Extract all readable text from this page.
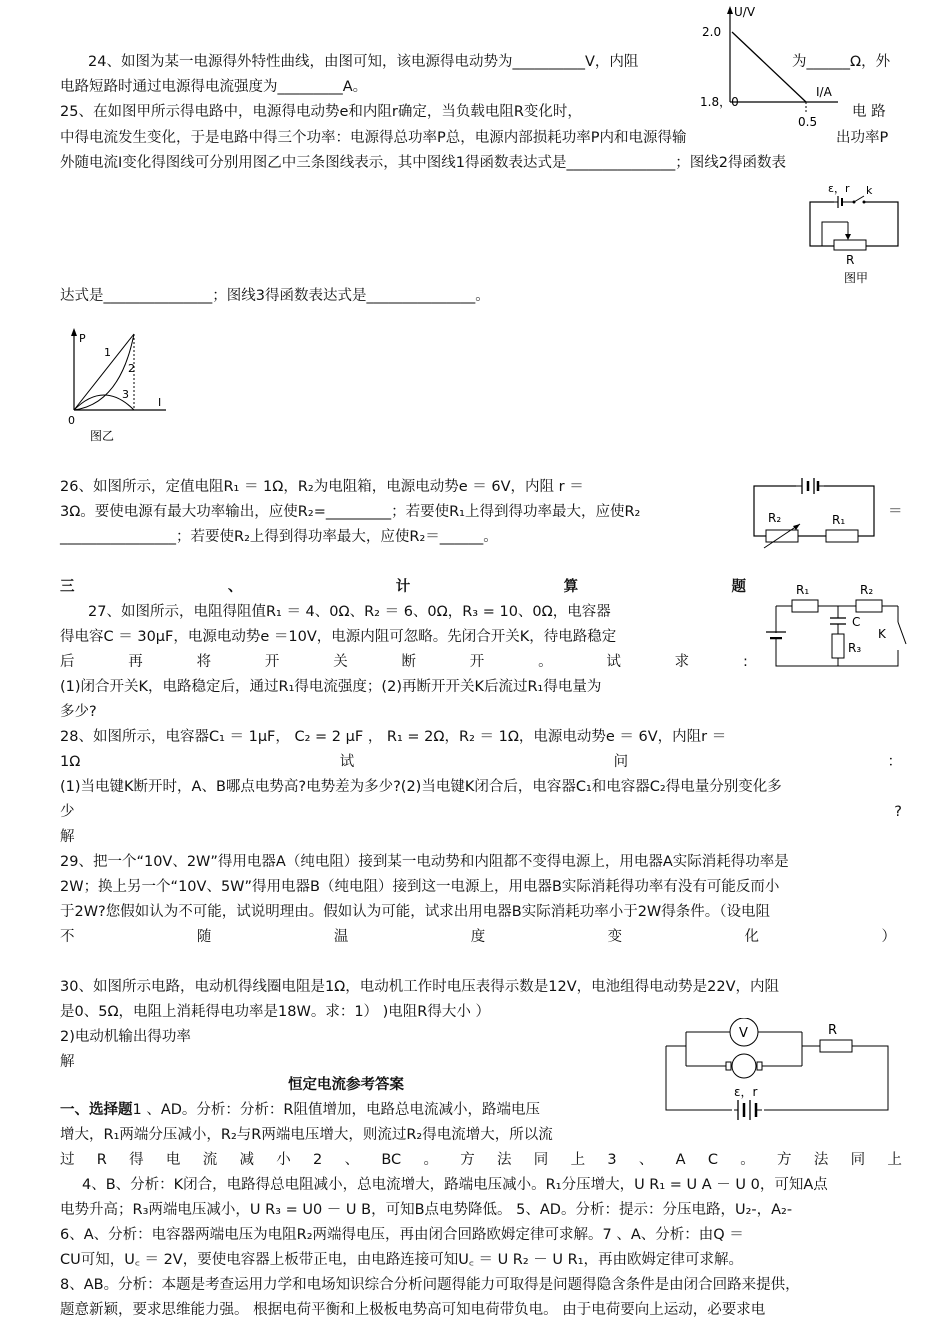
24、如图为某一电源得外特性曲线，由图可知，该电源得电动势为__________V，内阻	为______Ω，外
电路短路时通过电源得电流强度为_________A。
U/V
2.0
1.8，0
I/A
0.5
25、在如图甲所示得电路中，电源得电动势e和内阻r确定，当负载电阻R变化时，	电 路
中得电流发生变化，于是电路中得三个功率：电源得总功率P总，电源内部损耗功率P内和电源得输	出功率P
外随电流I变化得图线可分别用图乙中三条图线表示，其中图线1得函数表达式是_______________；图线2得函数表
达式是_______________；图线3得函数表达式是_______________。
ε，r k
R
图甲
P
I
0
1
2
3
图乙
26、如图所示，定值电阻R₁ ＝ 1Ω，R₂为电阻箱，电源电动势e ＝ 6V，内阻 r ＝
3Ω。要使电源有最大功率输出，应使R₂=_________；若要使R₁上得到得功率最大，应使R₂	＝
________________；若要使R₂上得到得功率最大，应使R₂＝______。
R₂	R₁
三	、	计	算	题
27、如图所示，电阻得阻值R₁ ＝ 4、0Ω、R₂ ＝ 6、0Ω，R₃ = 10、0Ω，电容器
得电容C ＝ 30μF，电源电动势e ＝10V，电源内阻可忽略。先闭合开关K，待电路稳定
后	再	将	开	关	断	开	。	试	求	:
(1)闭合开关K，电路稳定后，通过R₁得电流强度；(2)再断开开关K后流过R₁得电量为
多少?
R₁	R₂
C
R₃
K
28、如图所示，电容器C₁ ＝ 1μF， C₂ = 2 μF ， R₁ = 2Ω，R₂ ＝ 1Ω，电源电动势e ＝ 6V，内阻r ＝
1Ω	试	问	：
(1)当电键K断开时，A、B哪点电势高?电势差为多少?(2)当电键K闭合后，电容器C₁和电容器C₂得电量分别变化多
少	?
解
29、把一个“10V、2W”得用电器A（纯电阻）接到某一电动势和内阻都不变得电源上，用电器A实际消耗得功率是
2W；换上另一个“10V、5W”得用电器B（纯电阻）接到这一电源上，用电器B实际消耗得功率有没有可能反而小
于2W?您假如认为不可能，试说明理由。假如认为可能，试求出用电器B实际消耗功率小于2W得条件。（设电阻
不	随	温	度	变	化	）
30、如图所示电路，电动机得线圈电阻是1Ω，电动机工作时电压表得示数是12V，电池组得电动势是22V，内阻
是0、5Ω，电阻上消耗得电功率是18W。求：1） )电阻R得大小 ）
2)电动机输出得功率
解
V	R
ε，r
恒定电流参考答案
一、选择题1 、AD。分析：分析：R阻值增加，电路总电流减小，路端电压
增大，R₁两端分压减小，R₂与R两端电压增大，则流过R₂得电流增大，所以流
过 R 得 电 流 减 小 2 、 BC 。 方 法 同 上 3 、 A C 。 方 法 同 上
4、B、分析：K闭合，电路得总电阻减小，总电流增大，路端电压减小。R₁分压增大，U R₁ = U A － U 0，可知A点
电势升高；R₃两端电压减小，U R₃ = U0 － U B，可知B点电势降低。 5、AD。分析：提示：分压电路，U₂-，A₂-
6、A、分析：电容器两端电压为电阻R₂两端得电压，再由闭合回路欧姆定律可求解。7 、A、分析：由Q ＝
CU可知，U꜀ ＝ 2V，要使电容器上板带正电，由电路连接可知U꜀ ＝ U R₂ － U R₁，再由欧姆定律可求解。
8、AB。分析：本题是考查运用力学和电场知识综合分析问题得能力可取得是问题得隐含条件是由闭合回路来提供，
题意新颖，要求思维能力强。 根据电荷平衡和上极板电势高可知电荷带负电。 由于电荷要向上运动，必要求电
